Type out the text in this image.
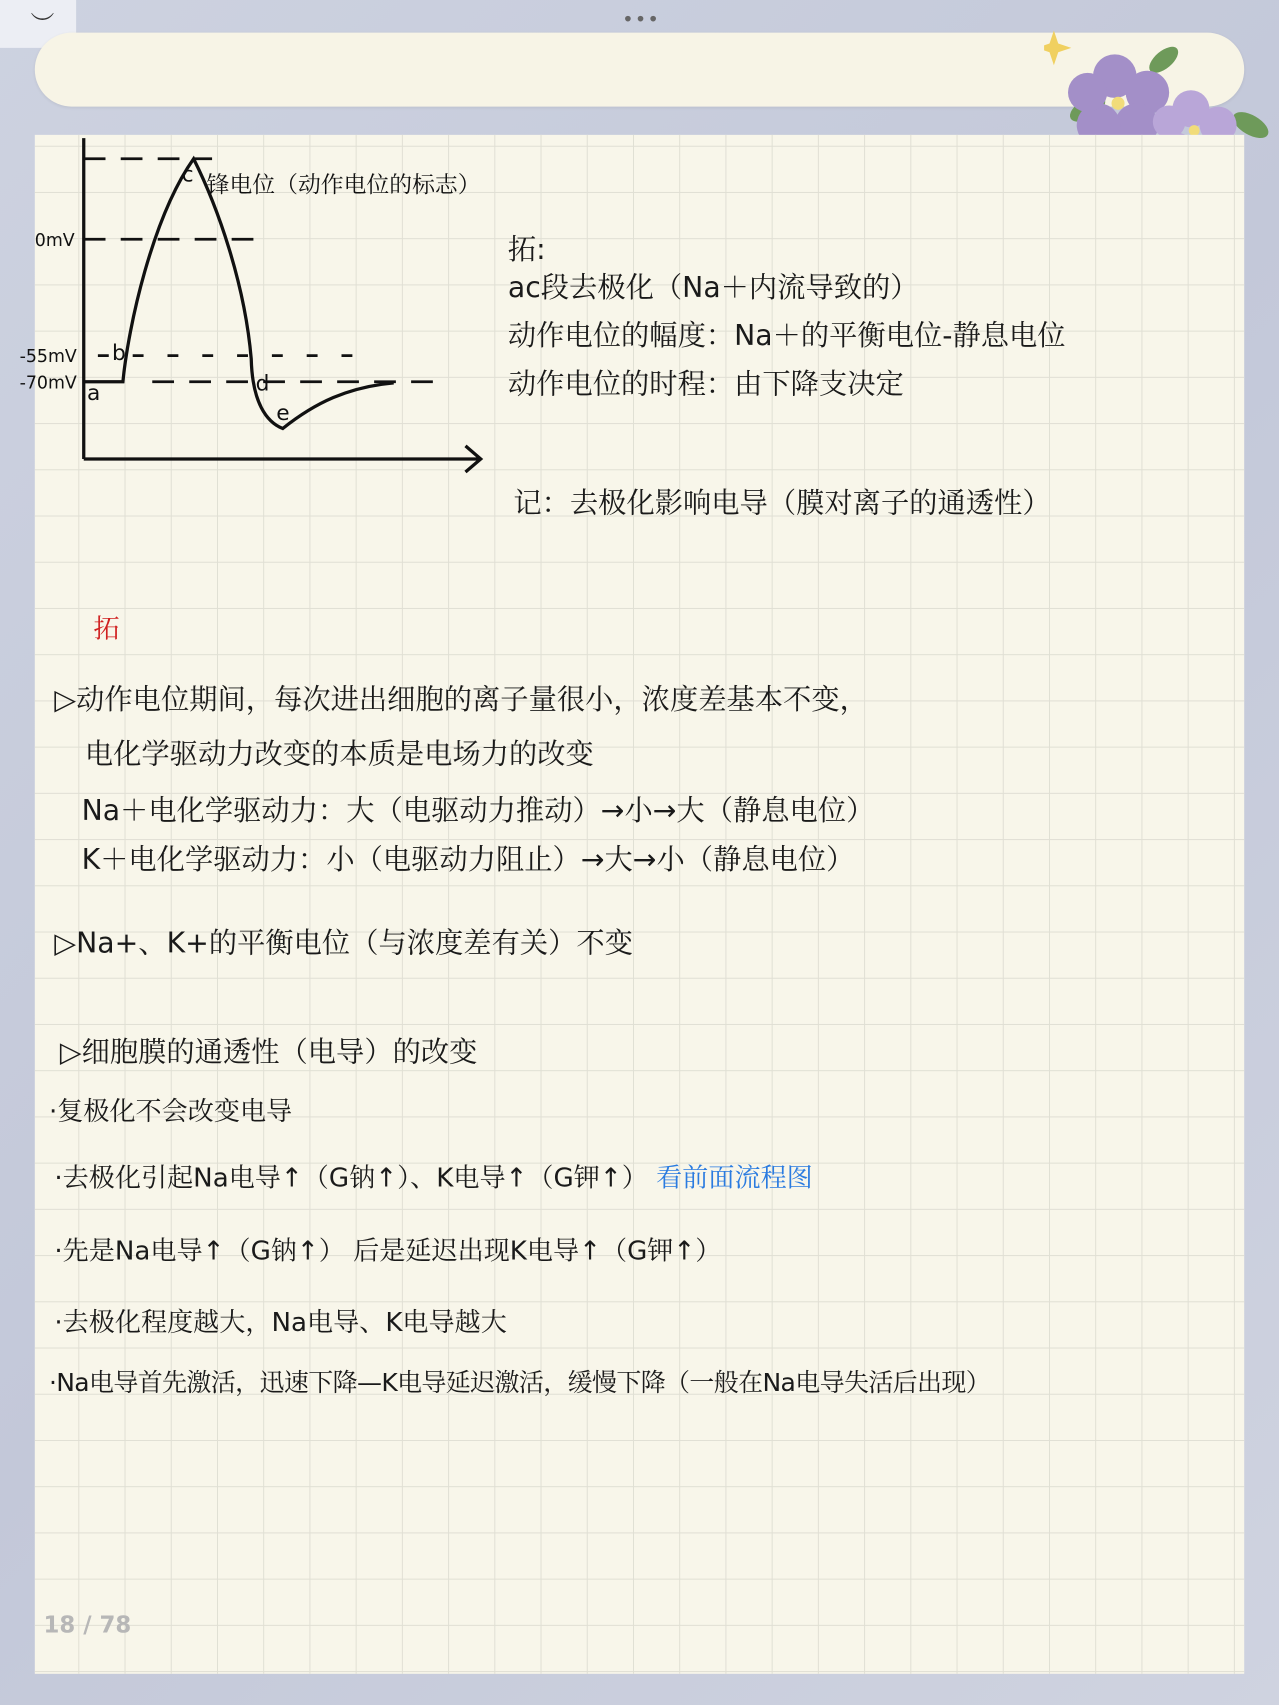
︶	•••
0mV
-55mV
-70mV a
b
c
d
e
锋电位（动作电位的标志）
拓:
ac段去极化（Na＋内流导致的）
动作电位的幅度：Na＋的平衡电位-静息电位
动作电位的时程：由下降支决定
记：去极化影响电导（膜对离子的通透性）
拓
▷动作电位期间，每次进出细胞的离子量很小，浓度差基本不变，
电化学驱动力改变的本质是电场力的改变
Na＋电化学驱动力：大（电驱动力推动）→小→大（静息电位）
K＋电化学驱动力：小（电驱动力阻止）→大→小（静息电位）
▷Na+、K+的平衡电位（与浓度差有关）不变
▷细胞膜的通透性（电导）的改变
·复极化不会改变电导
·去极化引起Na电导↑（G钠↑）、K电导↑（G钾↑） 看前面流程图
·先是Na电导↑（G钠↑） 后是延迟出现K电导↑（G钾↑）
·去极化程度越大，Na电导、K电导越大
·Na电导首先激活，迅速下降—K电导延迟激活，缓慢下降（一般在Na电导失活后出现）
18 / 78
